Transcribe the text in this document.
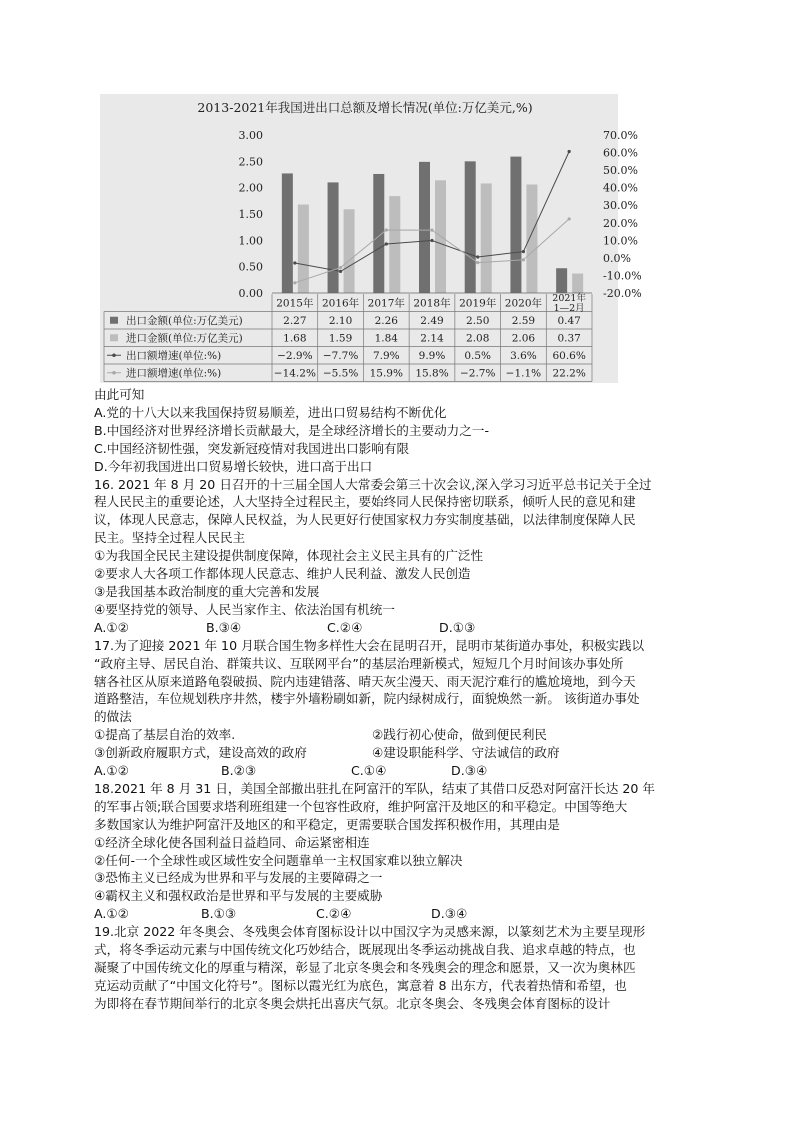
2013-2021年我国进出口总额及增长情况(单位:万亿美元,%)
3.00
2.50
2.00
1.50
1.00
0.50
0.00
70.0%
60.0%
50.0%
40.0%
30.0%
20.0%
10.0%
0.0%
-10.0%
-20.0%
2015年 2016年 2017年 2018年 2019年 2020年 2021年 1—2月
出口金额(单位:万亿美元)	2.27 2.10 2.26 2.49 2.50 2.59 0.47
进口金额(单位:万亿美元)	1.68 1.59 1.84 2.14 2.08 2.06 0.37
出口额增速(单位:%)	−2.9% −7.7% 7.9% 9.9% 0.5% 3.6% 60.6%
进口额增速(单位:%)	−14.2% −5.5% 15.9% 15.8% −2.7% −1.1% 22.2%

由此可知

A.党的十八大以来我国保持贸易顺差，进出口贸易结构不断优化

B.中国经济对世界经济增长贡献最大，是全球经济增长的主要动力之一-

C.中国经济韧性强，突发新冠疫情对我国进出口影响有限

D.今年初我国进出口贸易增长较快，进口高于出口

16. 2021 年 8 月 20 日召开的十三届全国人大常委会第三十次会议,深入学习习近平总书记关于全过

程人民民主的重要论述，人大坚持全过程民主，要始终同人民保持密切联系，倾听人民的意见和建

议，体现人民意志，保障人民权益，为人民更好行使国家权力夯实制度基础，以法律制度保障人民

民主。坚持全过程人民民主

①为我国全民民主建设提供制度保障，体现社会主义民主具有的广泛性

②要求人大各项工作都体现人民意志、维护人民利益、激发人民创造

③是我国基本政治制度的重大完善和发展

④要坚持党的领导、人民当家作主、依法治国有机统一

A.①②	B.③④	C.②④	D.①③

17.为了迎接 2021 年 10 月联合国生物多样性大会在昆明召开，昆明市某街道办事处，积极实践以

“政府主导、居民自治、群策共议、互联网平台”的基层治理新模式，短短几个月时间该办事处所

辖各社区从原来道路龟裂破损、院内违建错落、晴天灰尘漫天、雨天泥泞难行的尴尬境地，到今天

道路整洁，车位规划秩序井然，楼宇外墙粉刷如新，院内绿树成行，面貌焕然一新。 该街道办事处

的做法

①提高了基层自治的效率.	②践行初心使命，做到便民利民
③创新政府履职方式，建设高效的政府	④建设职能科学、守法诚信的政府
A.①②	B.②③	C.①④	D.③④

18.2021 年 8 月 31 日，美国全部撤出驻扎在阿富汗的军队，结束了其借口反恐对阿富汗长达 20 年

的军事占领;联合国要求塔利班组建一个包容性政府，维护阿富汗及地区的和平稳定。中国等绝大

多数国家认为维护阿富汗及地区的和平稳定，更需要联合国发挥积极作用，其理由是

①经济全球化使各国利益日益趋同、命运紧密相连

②任何-一个全球性或区域性安全问题靠单一主权国家难以独立解决

③恐怖主义已经成为世界和平与发展的主要障碍之一

④霸权主义和强权政治是世界和平与发展的主要威胁

A.①②	B.①③	C.②④	D.③④

19.北京 2022 年冬奥会、冬残奥会体育图标设计以中国汉字为灵感来源，以篆刻艺术为主要呈现形

式，将冬季运动元素与中国传统文化巧妙结合，既展现出冬季运动挑战自我、追求卓越的特点，也

凝聚了中国传统文化的厚重与精深，彰显了北京冬奥会和冬残奥会的理念和愿景，又一次为奥林匹

克运动贡献了“中国文化符号”。图标以霞光红为底色，寓意着 8 出东方，代表着热情和希望，也

为即将在春节期间举行的北京冬奥会烘托出喜庆气氛。北京冬奥会、冬残奥会体育图标的设计
